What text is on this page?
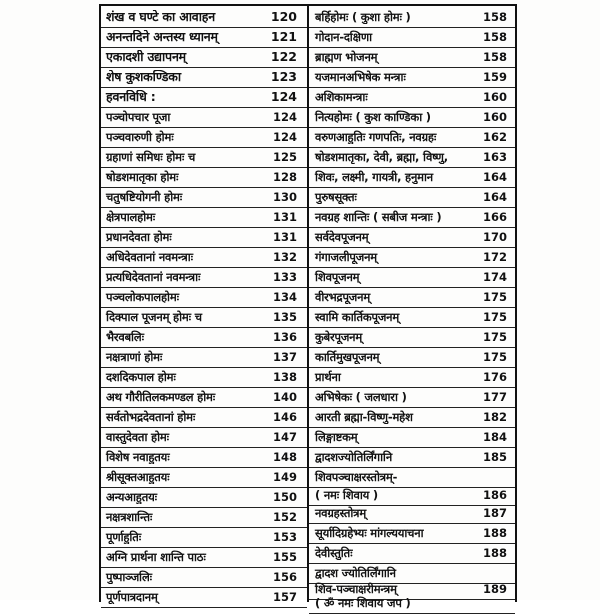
शंख व घण्टे का आवाहन	120
अनन्तदिने अन्तस्य ध्यानम्	121
एकादशी उद्यापनम्	122
शेष कुशकण्डिका	123
हवनविधि :	124
पञ्चोपचार पूजा	124
पञ्चवारुणी होमः	124
ग्रहाणां समिधः होमः च	125
षोडशमातृका होमः	128
चतुषष्टियोगनी होमः	130
क्षेत्रपालहोमः	131
प्रधानदेवता होमः	131
अधिदेवतानां नवमन्त्राः	132
प्रत्यधिदेवतानां नवमन्त्राः	133
पञ्चलोकपालहोमः	134
दिक्पाल पूजनम् होमः च	135
भैरवबलिः	136
नक्षत्राणां होमः	137
दशदिकपाल होमः	138
अथ गौरीतिलकमण्डल होमः	140
सर्वतोभद्रदेवतानां होमः	146
वास्तुदेवता होमः	147
विशेष नवाहुतयः	148
श्रीसूक्तआहुतयः	149
अन्यआहुतयः	150
नक्षत्रशान्तिः	152
पूर्णाहुतिः	153
अग्नि प्रार्थना शान्ति पाठः	155
पुष्पाञ्जलिः	156
पूर्णपात्रदानम्	157
बर्हिहोमः ( कुशा होमः )	158
गोदान-दक्षिणा	158
ब्राह्मण भोजनम्	158
यजमानअभिषेक मन्त्राः	159
अशिकामन्त्राः	160
नित्यहोमः ( कुश काण्डिका )	160
वरुणआहुतिः गणपतिः, नवग्रहः	162
षोडशमातृका, देवी, ब्रह्मा, विष्णु,	163
शिवः, लक्ष्मी, गायत्री, हनुमान	164
पुरुषसूक्तः	164
नवग्रह शान्तिः ( सबीज मन्त्राः )	166
सर्वदेवपूजनम्	170
गंगाजलीपूजनम्	172
शिवपूजनम्	174
वीरभद्रपूजनम्	175
स्वामि कार्तिकपूजनम्	175
कुबेरपूजनम्	175
कार्तिमुखपूजनम्	175
प्रार्थना	176
अभिषेकः ( जलधारा )	177
आरती ब्रह्मा-विष्णु-महेश	182
लिङ्गाष्टकम्	184
द्वादशज्योतिर्लिंगानि	185
शिवपञ्चाक्षरस्तोत्रम्-
( नमः शिवाय )	186
नवग्रहस्तोत्रम्	187
सूर्यादिग्रहेभ्यः मांगल्ययाचना	188
देवीस्तुतिः	188
द्वादश ज्योतिर्लिंगानि
शिव-पञ्चाक्षरीमन्त्रम्	189
( ॐ नमः शिवाय जप )
